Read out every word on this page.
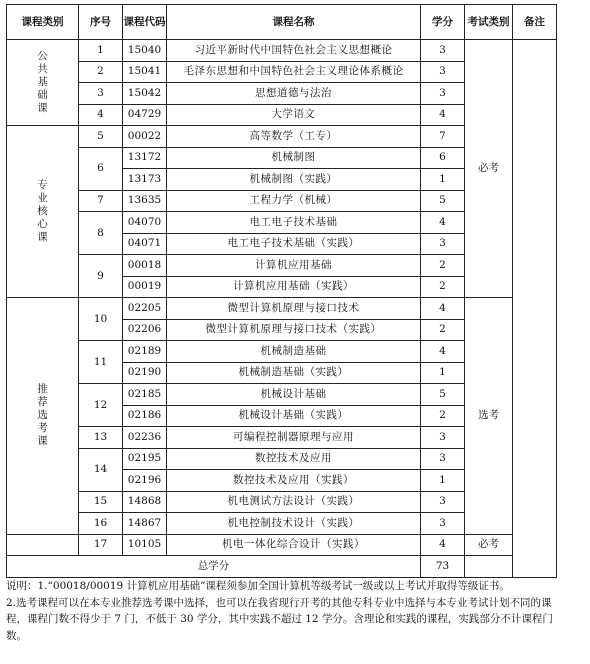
课程类别	序号	课程代码	课程名称	学分	考试类别	备注	
公
共
基
础
课	1	15040	习近平新时代中国特色社会主义思想概论	3	必考		
	2	15041	毛泽东思想和中国特色社会主义理论体系概论	3			
	3	15042	思想道德与法治	3			
	4	04729	大学语文	4			
专
业
核
心
课	5	00022	高等数学（工专）	7			
	6	13172	机械制图	6			
		13173	机械制图（实践）	1			
	7	13635	工程力学（机械）	5			
	8	04070	电工电子技术基础	4			
		04071	电工电子技术基础（实践）	3			
	9	00018	计算机应用基础	2			
		00019	计算机应用基础（实践）	2			
推
荐
选
考
课	10	02205	微型计算机原理与接口技术	4	选考		
		02206	微型计算机原理与接口技术（实践）	2			
	11	02189	机械制造基础	4			
		02190	机械制造基础（实践）	1			
	12	02185	机械设计基础	5			
		02186	机械设计基础（实践）	2			
	13	02236	可编程控制器原理与应用	3			
	14	02195	数控技术及应用	3			
		02196	数控技术及应用（实践）	1			
	15	14868	机电测试方法设计（实践）	3			
	16	14867	机电控制技术设计（实践）	3			
	17	10105	机电一体化综合设计（实践）	4	必考		
总学分				73			

说明：1.“00018/00019 计算机应用基础”课程须参加全国计算机等级考试一级或以上考试并取得等级证书。

2.选考课程可以在本专业推荐选考课中选择，也可以在我省现行开考的其他专科专业中选择与本专业考试计划不同的课程，课程门数不得少于 7 门，不低于 30 学分，其中实践不超过 12 学分。含理论和实践的课程，实践部分不计课程门数。
